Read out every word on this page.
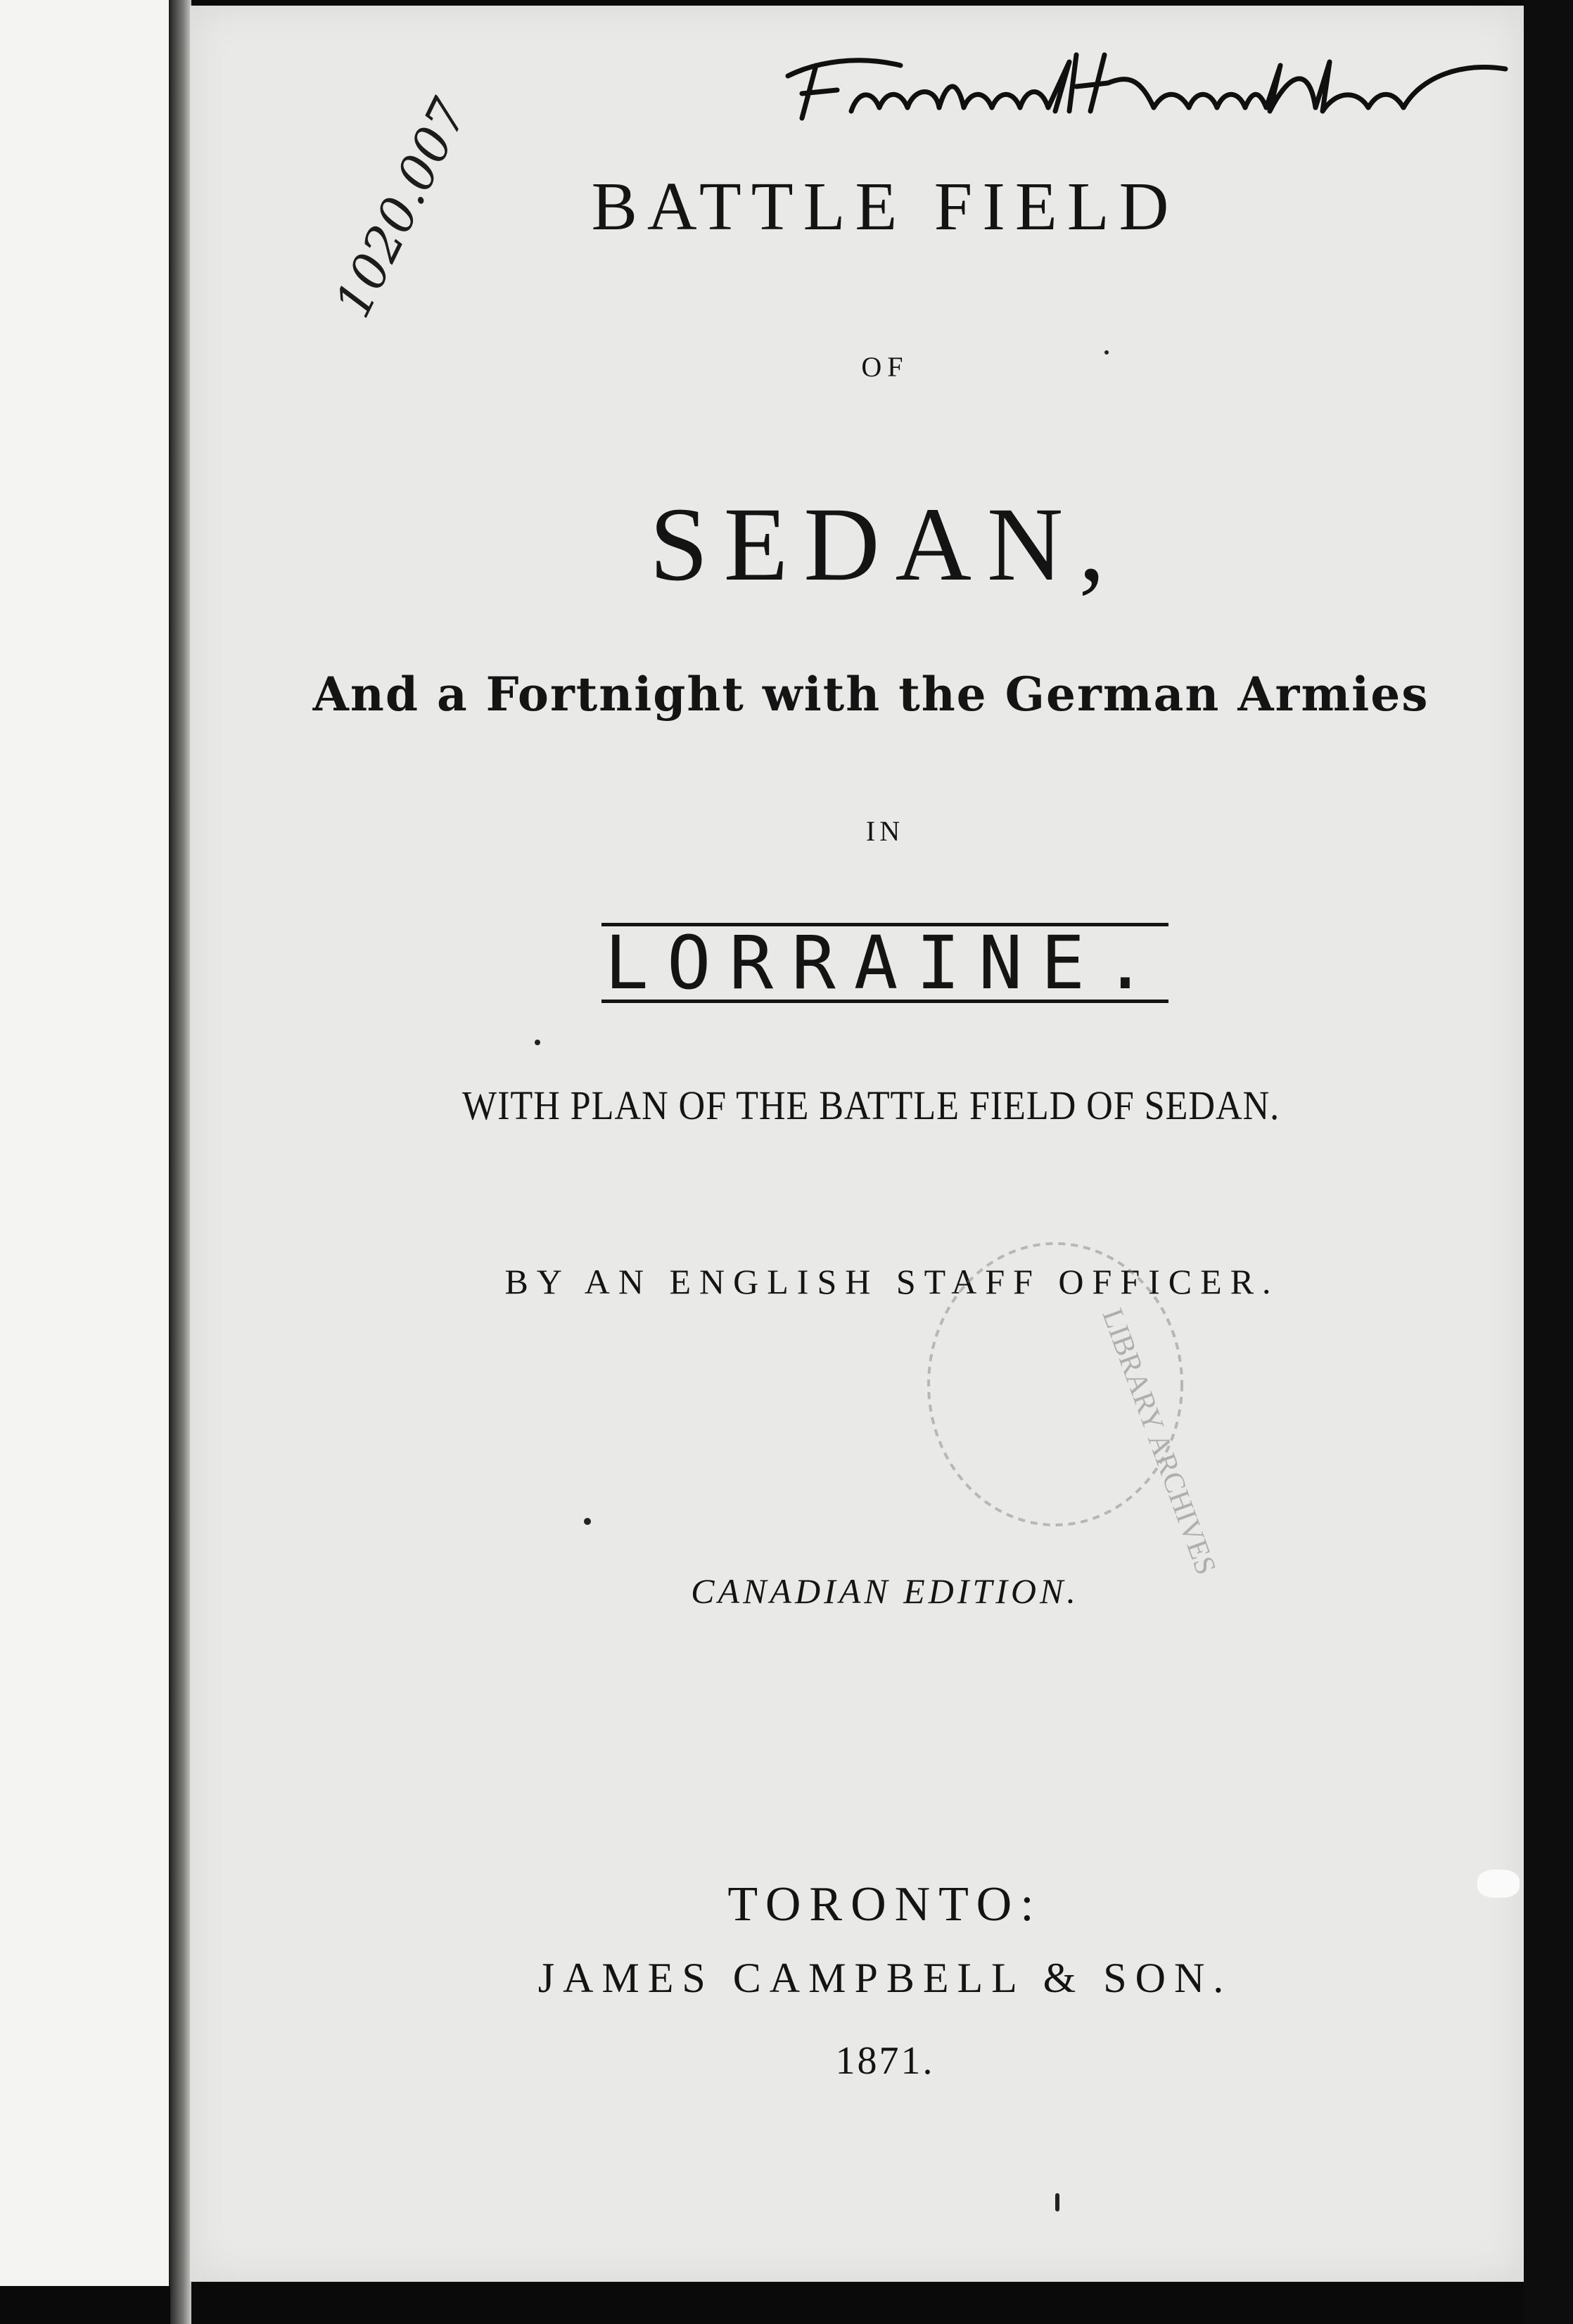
1020.007	BATTLE FIELD
OF
SEDAN,
And a Fortnight with the German Armies
IN
LORRAINE.
WITH PLAN OF THE BATTLE FIELD OF SEDAN.
BY AN ENGLISH STAFF OFFICER.
CANADIAN EDITION.
LIBRARY ARCHIVES
TORONTO:
JAMES CAMPBELL & SON.
1871.
